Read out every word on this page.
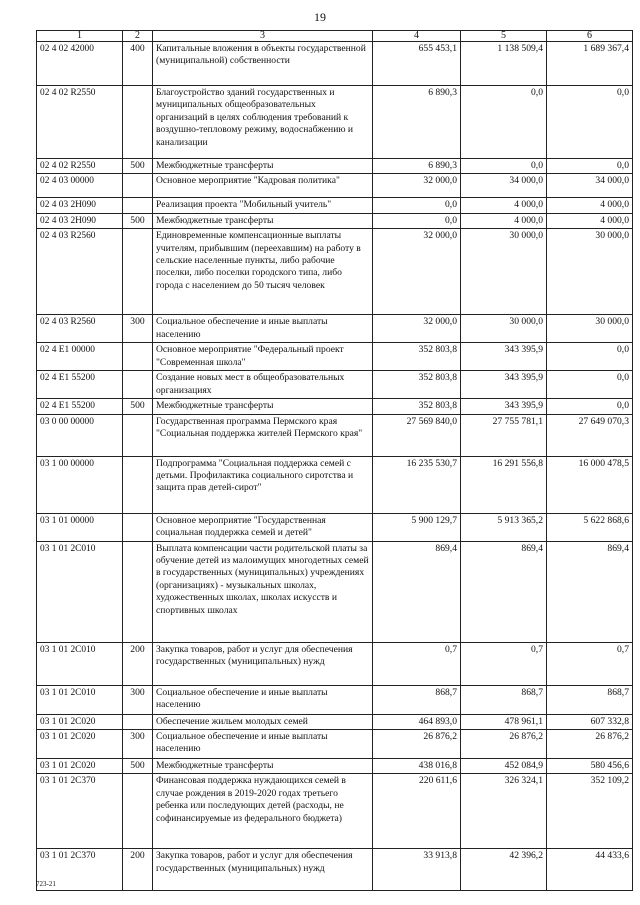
19
1	2	3	4	5	6
02 4 02 42000	400	Капитальные вложения в объекты государственной (муниципальной) собственности	655 453,1	1 138 509,4	1 689 367,4
02 4 02 R2550		Благоустройство зданий государственных и муниципальных общеобразовательных организаций в целях соблюдения требований к воздушно-тепловому режиму, водоснабжению и канализации	6 890,3	0,0	0,0
02 4 02 R2550	500	Межбюджетные трансферты	6 890,3	0,0	0,0
02 4 03 00000		Основное мероприятие "Кадровая политика"	32 000,0	34 000,0	34 000,0
02 4 03 2Н090		Реализация проекта "Мобильный учитель"	0,0	4 000,0	4 000,0
02 4 03 2Н090	500	Межбюджетные трансферты	0,0	4 000,0	4 000,0
02 4 03 R2560		Единовременные компенсационные выплаты учителям, прибывшим (переехавшим) на работу в сельские населенные пункты, либо рабочие поселки, либо поселки городского типа, либо города с населением до 50 тысяч человек	32 000,0	30 000,0	30 000,0
02 4 03 R2560	300	Социальное обеспечение и иные выплаты населению	32 000,0	30 000,0	30 000,0
02 4 E1 00000		Основное мероприятие "Федеральный проект "Современная школа"	352 803,8	343 395,9	0,0
02 4 E1 55200		Создание новых мест в общеобразовательных организациях	352 803,8	343 395,9	0,0
02 4 E1 55200	500	Межбюджетные трансферты	352 803,8	343 395,9	0,0
03 0 00 00000		Государственная программа Пермского края "Социальная поддержка жителей Пермского края"	27 569 840,0	27 755 781,1	27 649 070,3
03 1 00 00000		Подпрограмма "Социальная поддержка семей с детьми. Профилактика социального сиротства и защита прав детей-сирот"	16 235 530,7	16 291 556,8	16 000 478,5
03 1 01 00000		Основное мероприятие "Государственная социальная поддержка семей и детей"	5 900 129,7	5 913 365,2	5 622 868,6
03 1 01 2С010		Выплата компенсации части родительской платы за обучение детей из малоимущих многодетных семей в государственных (муниципальных) учреждениях (организациях) - музыкальных школах, художественных школах, школах искусств и спортивных школах	869,4	869,4	869,4
03 1 01 2С010	200	Закупка товаров, работ и услуг для обеспечения государственных (муниципальных) нужд	0,7	0,7	0,7
03 1 01 2С010	300	Социальное обеспечение и иные выплаты населению	868,7	868,7	868,7
03 1 01 2С020		Обеспечение жильем молодых семей	464 893,0	478 961,1	607 332,8
03 1 01 2С020	300	Социальное обеспечение и иные выплаты населению	26 876,2	26 876,2	26 876,2
03 1 01 2С020	500	Межбюджетные трансферты	438 016,8	452 084,9	580 456,6
03 1 01 2С370		Финансовая поддержка нуждающихся семей в случае рождения в 2019-2020 годах третьего ребенка или последующих детей (расходы, не софинансируемые из федерального бюджета)	220 611,6	326 324,1	352 109,2
03 1 01 2С370	200	Закупка товаров, работ и услуг для обеспечения государственных (муниципальных) нужд	33 913,8	42 396,2	44 433,6
723-21
